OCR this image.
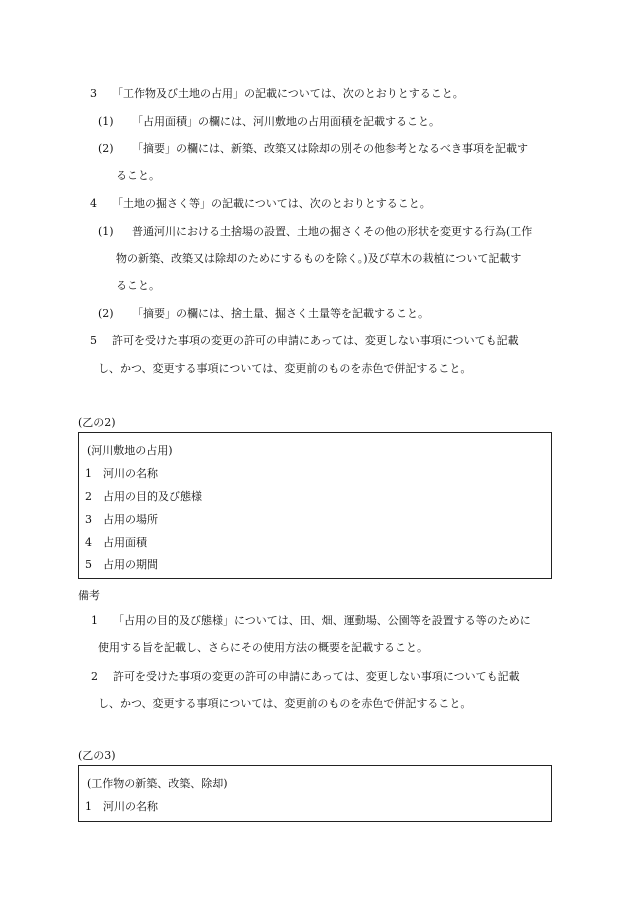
3 「工作物及び土地の占用」の記載については、次のとおりとすること。
(1) 「占用面積」の欄には、河川敷地の占用面積を記載すること。
(2) 「摘要」の欄には、新築、改築又は除却の別その他参考となるべき事項を記載す
ること。
4 「土地の掘さく等」の記載については、次のとおりとすること。
(1) 普通河川における土捨場の設置、土地の掘さくその他の形状を変更する行為(工作
物の新築、改築又は除却のためにするものを除く。)及び草木の栽植について記載す
ること。
(2) 「摘要」の欄には、捨土量、掘さく土量等を記載すること。
5 許可を受けた事項の変更の許可の申請にあっては、変更しない事項についても記載
し、かつ、変更する事項については、変更前のものを赤色で併記すること。
(乙の2)
(河川敷地の占用)
1 河川の名称
2 占用の目的及び態様
3 占用の場所
4 占用面積
5 占用の期間
備考
1 「占用の目的及び態様」については、田、畑、運動場、公園等を設置する等のために
使用する旨を記載し、さらにその使用方法の概要を記載すること。
2 許可を受けた事項の変更の許可の申請にあっては、変更しない事項についても記載
し、かつ、変更する事項については、変更前のものを赤色で併記すること。
(乙の3)
(工作物の新築、改築、除却)
1 河川の名称
